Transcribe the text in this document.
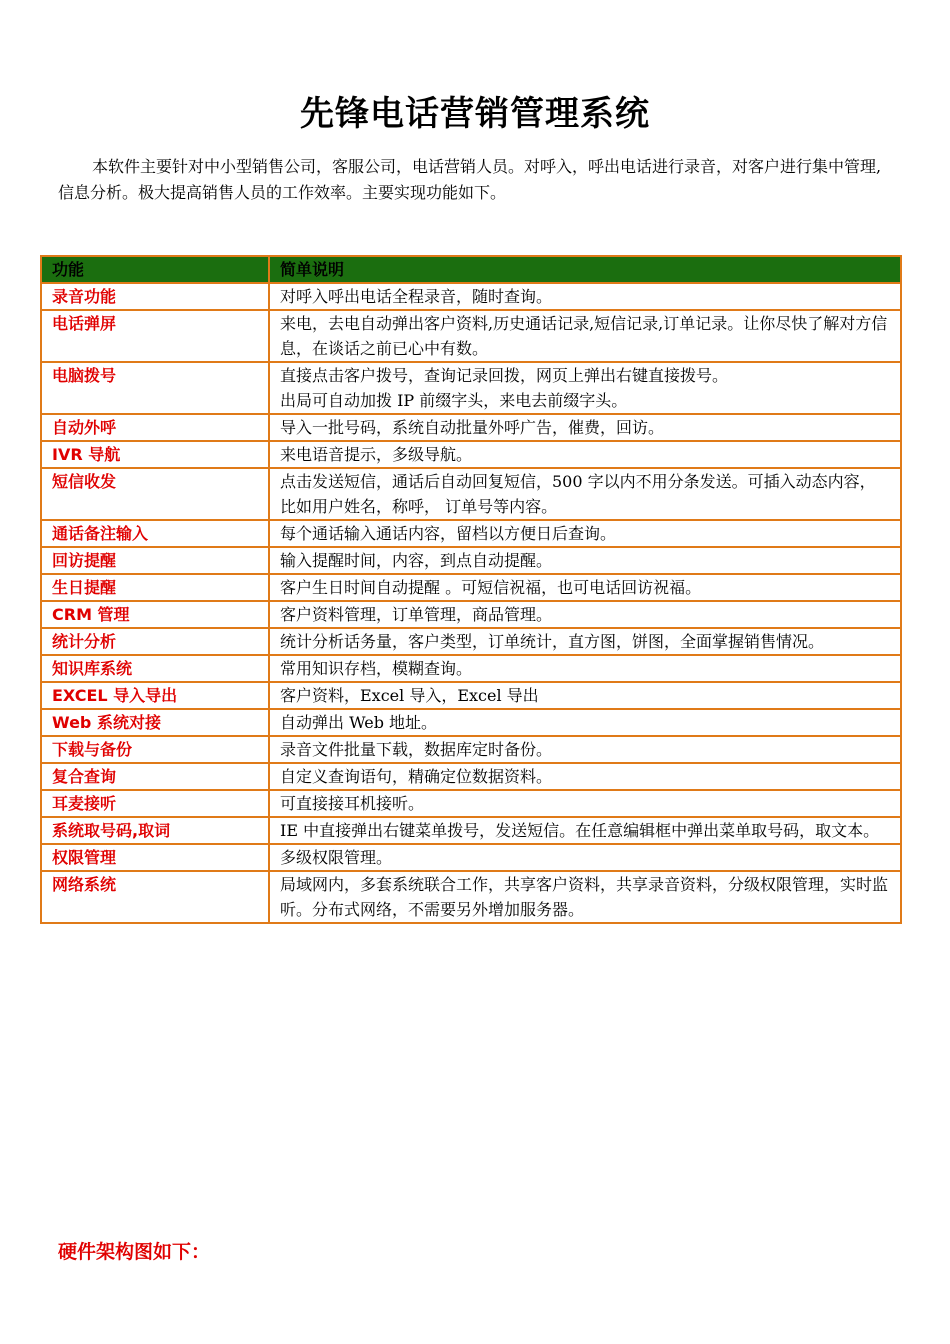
先锋电话营销管理系统
本软件主要针对中小型销售公司，客服公司，电话营销人员。对呼入，呼出电话进行录音，对客户进行集中管理,信息分析。极大提高销售人员的工作效率。主要实现功能如下。
功能	简单说明
录音功能	对呼入呼出电话全程录音，随时查询。
电话弹屏	来电，去电自动弹出客户资料,历史通话记录,短信记录,订单记录。让你尽快了解对方信息，在谈话之前已心中有数。
电脑拨号	直接点击客户拨号，查询记录回拨，网页上弹出右键直接拨号。
出局可自动加拨 IP 前缀字头，来电去前缀字头。
自动外呼	导入一批号码，系统自动批量外呼广告，催费，回访。
IVR 导航	来电语音提示，多级导航。
短信收发	点击发送短信，通话后自动回复短信，500 字以内不用分条发送。可插入动态内容，比如用户姓名，称呼， 订单号等内容。
通话备注输入	每个通话输入通话内容，留档以方便日后查询。
回访提醒	输入提醒时间，内容，到点自动提醒。
生日提醒	客户生日时间自动提醒 。可短信祝福，也可电话回访祝福。
CRM 管理	客户资料管理，订单管理，商品管理。
统计分析	统计分析话务量，客户类型，订单统计，直方图，饼图，全面掌握销售情况。
知识库系统	常用知识存档，模糊查询。
EXCEL 导入导出	客户资料，Excel 导入，Excel 导出
Web 系统对接	自动弹出 Web 地址。
下载与备份	录音文件批量下载，数据库定时备份。
复合查询	自定义查询语句，精确定位数据资料。
耳麦接听	可直接接耳机接听。
系统取号码,取词	IE 中直接弹出右键菜单拨号，发送短信。在任意编辑框中弹出菜单取号码，取文本。
权限管理	多级权限管理。
网络系统	局域网内，多套系统联合工作，共享客户资料，共享录音资料，分级权限管理，实时监听。分布式网络，不需要另外增加服务器。
硬件架构图如下：
